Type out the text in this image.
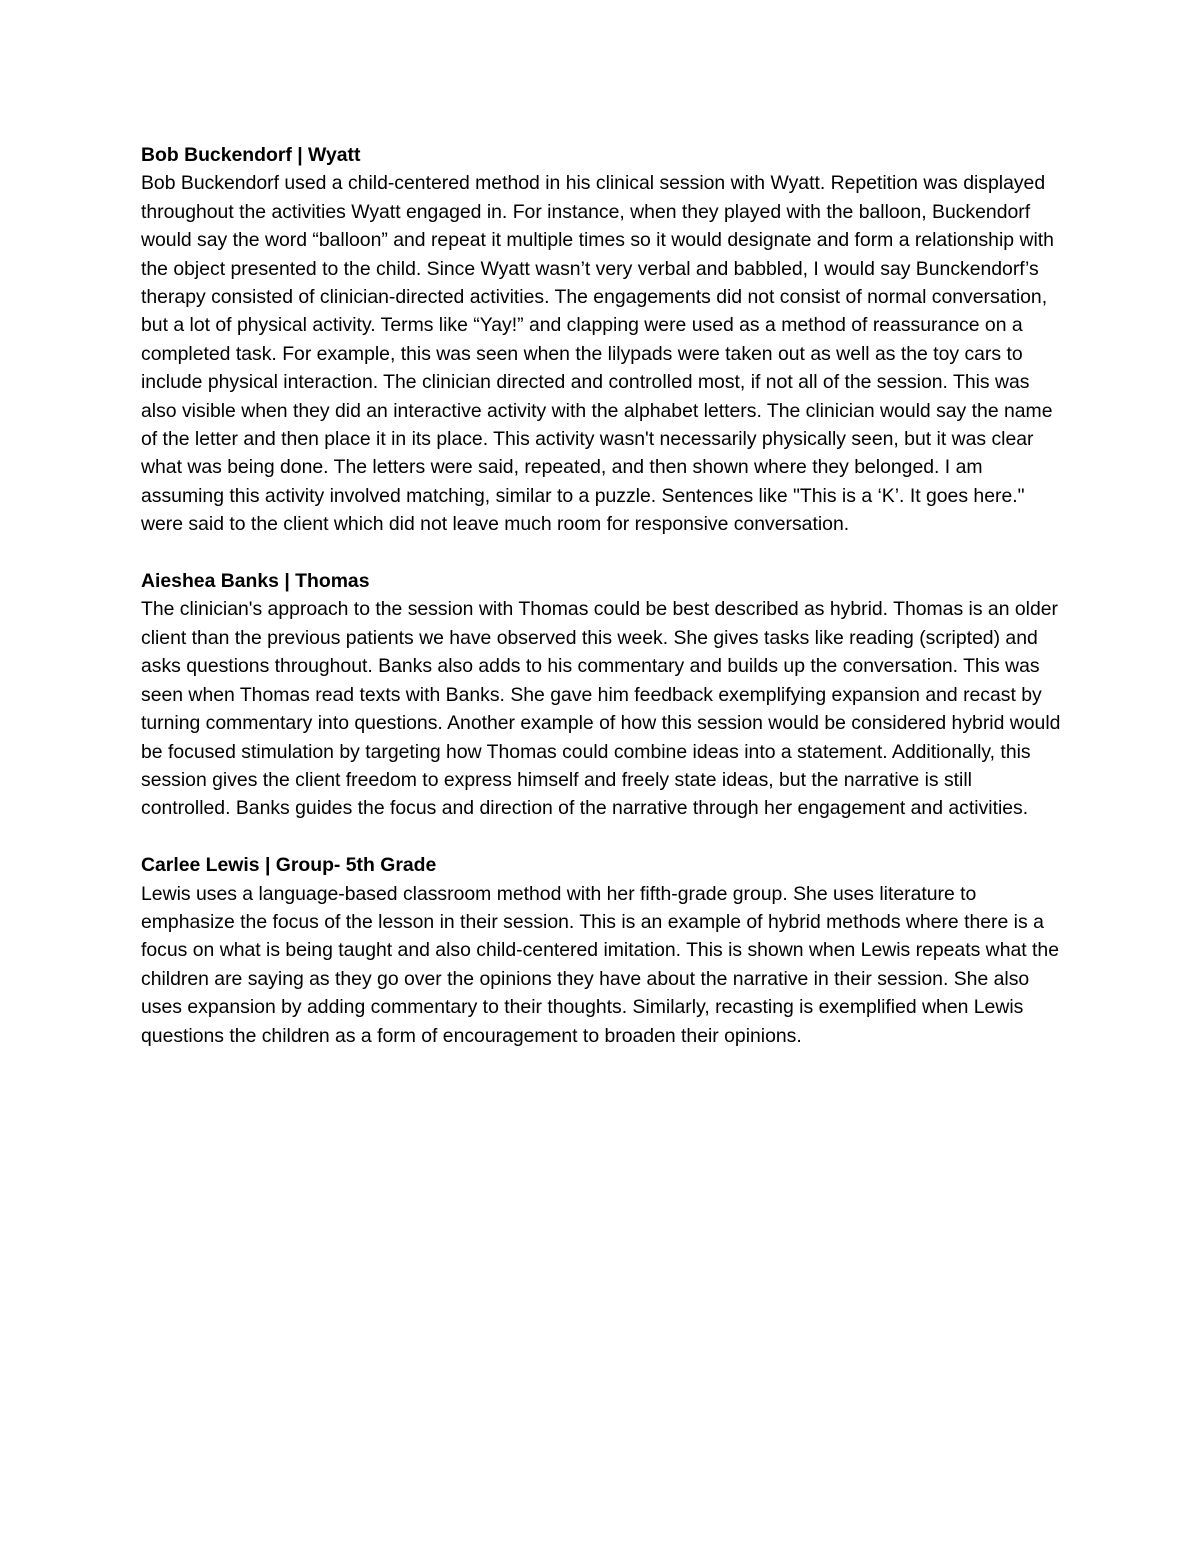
Bob Buckendorf | Wyatt

Bob Buckendorf used a child-centered method in his clinical session with Wyatt. Repetition was displayed throughout the activities Wyatt engaged in. For instance, when they played with the balloon, Buckendorf would say the word “balloon” and repeat it multiple times so it would designate and form a relationship with the object presented to the child. Since Wyatt wasn’t very verbal and babbled, I would say Bunckendorf’s therapy consisted of clinician-directed activities. The engagements did not consist of normal conversation, but a lot of physical activity. Terms like “Yay!” and clapping were used as a method of reassurance on a completed task. For example, this was seen when the lilypads were taken out as well as the toy cars to include physical interaction. The clinician directed and controlled most, if not all of the session. This was also visible when they did an interactive activity with the alphabet letters. The clinician would say the name of the letter and then place it in its place. This activity wasn't necessarily physically seen, but it was clear what was being done. The letters were said, repeated, and then shown where they belonged. I am assuming this activity involved matching, similar to a puzzle. Sentences like "This is a ‘K’. It goes here." were said to the client which did not leave much room for responsive conversation.

Aieshea Banks | Thomas

The clinician's approach to the session with Thomas could be best described as hybrid. Thomas is an older client than the previous patients we have observed this week. She gives tasks like reading (scripted) and asks questions throughout. Banks also adds to his commentary and builds up the conversation. This was seen when Thomas read texts with Banks. She gave him feedback exemplifying expansion and recast by turning commentary into questions. Another example of how this session would be considered hybrid would be focused stimulation by targeting how Thomas could combine ideas into a statement. Additionally, this session gives the client freedom to express himself and freely state ideas, but the narrative is still controlled. Banks guides the focus and direction of the narrative through her engagement and activities.

Carlee Lewis | Group- 5th Grade

Lewis uses a language-based classroom method with her fifth-grade group. She uses literature to emphasize the focus of the lesson in their session. This is an example of hybrid methods where there is a focus on what is being taught and also child-centered imitation. This is shown when Lewis repeats what the children are saying as they go over the opinions they have about the narrative in their session. She also uses expansion by adding commentary to their thoughts. Similarly, recasting is exemplified when Lewis questions the children as a form of encouragement to broaden their opinions.
